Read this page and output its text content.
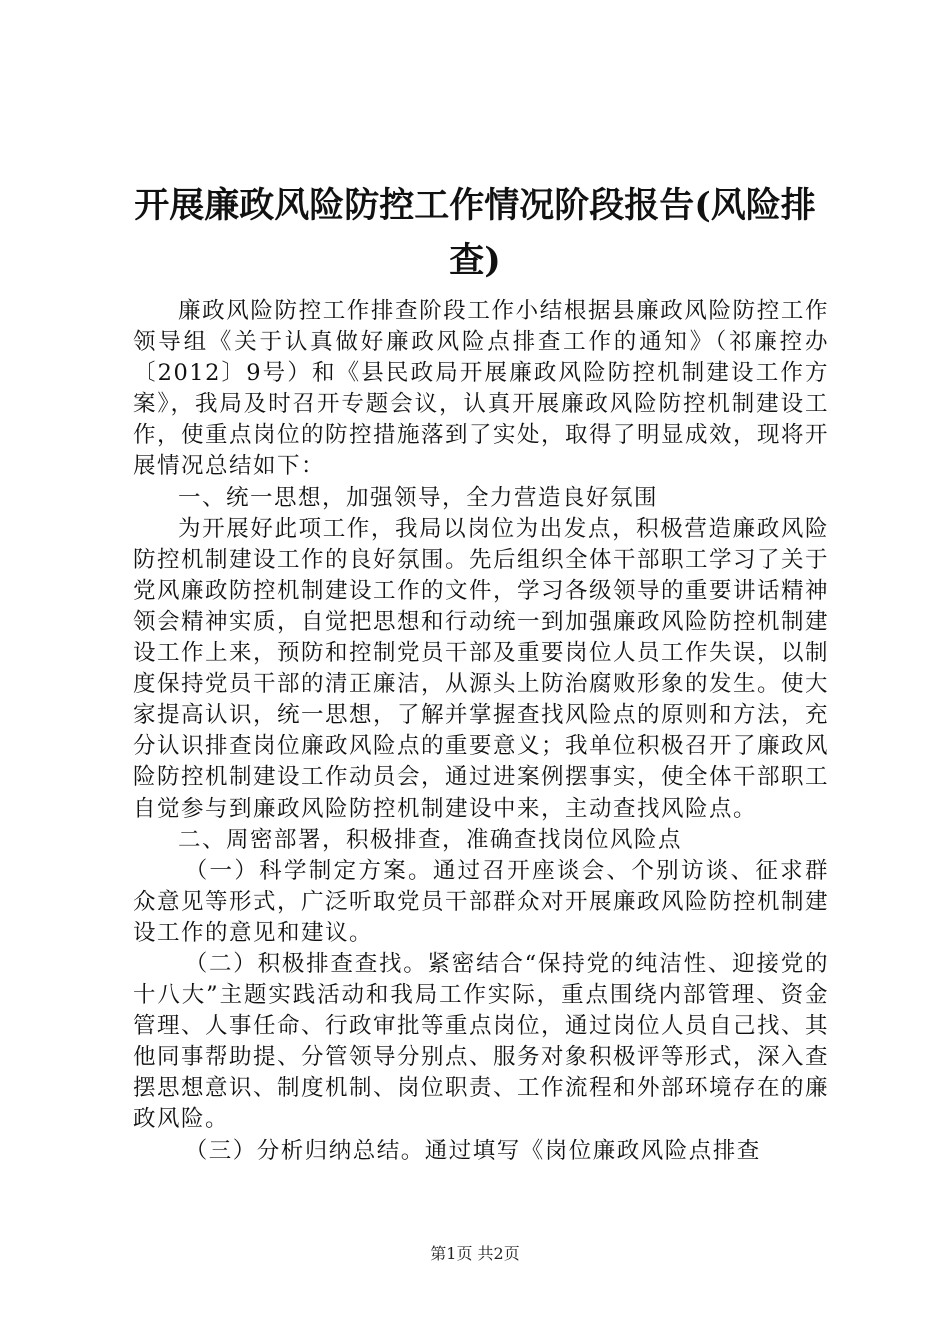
开展廉政风险防控工作情况阶段报告(风险排查)

廉政风险防控工作排查阶段工作小结根据县廉政风险防控工作领导组《关于认真做好廉政风险点排查工作的通知》（祁廉控办〔2012〕9号）和《县民政局开展廉政风险防控机制建设工作方案》，我局及时召开专题会议，认真开展廉政风险防控机制建设工作，使重点岗位的防控措施落到了实处，取得了明显成效，现将开展情况总结如下：

一、统一思想，加强领导，全力营造良好氛围

为开展好此项工作，我局以岗位为出发点，积极营造廉政风险防控机制建设工作的良好氛围。先后组织全体干部职工学习了关于党风廉政防控机制建设工作的文件，学习各级领导的重要讲话精神领会精神实质，自觉把思想和行动统一到加强廉政风险防控机制建设工作上来，预防和控制党员干部及重要岗位人员工作失误，以制度保持党员干部的清正廉洁，从源头上防治腐败形象的发生。使大家提高认识，统一思想，了解并掌握查找风险点的原则和方法，充分认识排查岗位廉政风险点的重要意义；我单位积极召开了廉政风险防控机制建设工作动员会，通过进案例摆事实，使全体干部职工自觉参与到廉政风险防控机制建设中来，主动查找风险点。

二、周密部署，积极排查，准确查找岗位风险点

（一）科学制定方案。通过召开座谈会、个别访谈、征求群众意见等形式，广泛听取党员干部群众对开展廉政风险防控机制建设工作的意见和建议。

（二）积极排查查找。紧密结合“保持党的纯洁性、迎接党的十八大”主题实践活动和我局工作实际，重点围绕内部管理、资金管理、人事任命、行政审批等重点岗位，通过岗位人员自己找、其他同事帮助提、分管领导分别点、服务对象积极评等形式，深入查摆思想意识、制度机制、岗位职责、工作流程和外部环境存在的廉政风险。

（三）分析归纳总结。通过填写《岗位廉政风险点排查

第1页 共2页
